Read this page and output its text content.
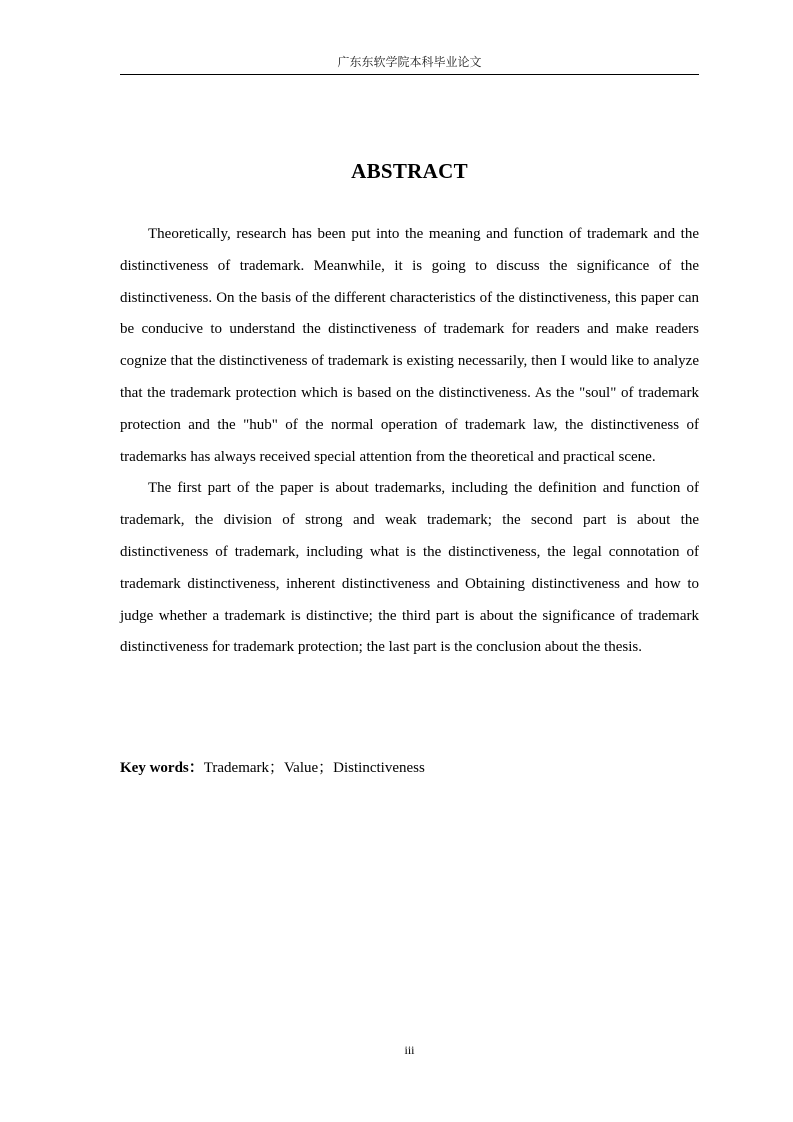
广东东软学院本科毕业论文
ABSTRACT

Theoretically, research has been put into the meaning and function of trademark and the distinctiveness of trademark. Meanwhile, it is going to discuss the significance of the distinctiveness. On the basis of the different characteristics of the distinctiveness, this paper can be conducive to understand the distinctiveness of trademark for readers and make readers cognize that the distinctiveness of trademark is existing necessarily, then I would like to analyze that the trademark protection which is based on the distinctiveness. As the "soul" of trademark protection and the "hub" of the normal operation of trademark law, the distinctiveness of trademarks has always received special attention from the theoretical and practical scene.

The first part of the paper is about trademarks, including the definition and function of trademark, the division of strong and weak trademark; the second part is about the distinctiveness of trademark, including what is the distinctiveness, the legal connotation of trademark distinctiveness, inherent distinctiveness and Obtaining distinctiveness and how to judge whether a trademark is distinctive; the third part is about the significance of trademark distinctiveness for trademark protection; the last part is the conclusion about the thesis.

Key words：Trademark；Value；Distinctiveness
iii
